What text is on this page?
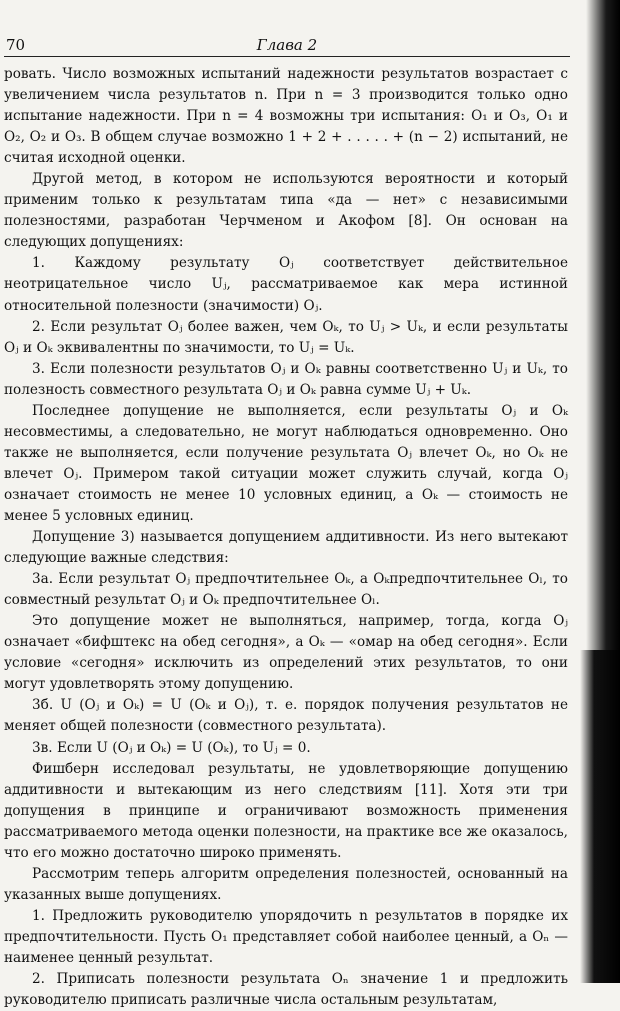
70	Глава 2

ровать. Число возможных испытаний надежности результатов возрастает с увеличением числа результатов n. При n = 3 производится только одно испытание надежности. При n = 4 возможны три испытания: O₁ и O₃, O₁ и O₂, O₂ и O₃. В общем случае возможно 1 + 2 + . . . . . + (n − 2) испытаний, не считая исходной оценки.

Другой метод, в котором не используются вероятности и который применим только к результатам типа «да — нет» с независимыми полезностями, разработан Черчменом и Акофом [8]. Он основан на следующих допущениях:

1. Каждому результату Oⱼ соответствует действительное неотрицательное число Uⱼ, рассматриваемое как мера истинной относительной полезности (значимости) Oⱼ.

2. Если результат Oⱼ более важен, чем Oₖ, то Uⱼ > Uₖ, и если результаты Oⱼ и Oₖ эквивалентны по значимости, то Uⱼ = Uₖ.

3. Если полезности результатов Oⱼ и Oₖ равны соответственно Uⱼ и Uₖ, то полезность совместного результата Oⱼ и Oₖ равна сумме Uⱼ + Uₖ.

Последнее допущение не выполняется, если результаты Oⱼ и Oₖ несовместимы, а следовательно, не могут наблюдаться одновременно. Оно также не выполняется, если получение результата Oⱼ влечет Oₖ, но Oₖ не влечет Oⱼ. Примером такой ситуации может служить случай, когда Oⱼ означает стоимость не менее 10 условных единиц, а Oₖ — стоимость не менее 5 условных единиц.

Допущение 3) называется допущением аддитивности. Из него вытекают следующие важные следствия:

3а. Если результат Oⱼ предпочтительнее Oₖ, а Oₖпредпочтительнее Oₗ, то совместный результат Oⱼ и Oₖ предпочтительнее Oₗ.

Это допущение может не выполняться, например, тогда, когда Oⱼ означает «бифштекс на обед сегодня», а Oₖ — «омар на обед сегодня». Если условие «сегодня» исключить из определений этих результатов, то они могут удовлетворять этому допущению.

3б. U (Oⱼ и Oₖ) = U (Oₖ и Oⱼ), т. е. порядок получения результатов не меняет общей полезности (совместного результата).

3в. Если U (Oⱼ и Oₖ) = U (Oₖ), то Uⱼ = 0.

Фишберн исследовал результаты, не удовлетворяющие допущению аддитивности и вытекающим из него следствиям [11]. Хотя эти три допущения в принципе и ограничивают возможность применения рассматриваемого метода оценки полезности, на практике все же оказалось, что его можно достаточно широко применять.

Рассмотрим теперь алгоритм определения полезностей, основанный на указанных выше допущениях.

1. Предложить руководителю упорядочить n результатов в порядке их предпочтительности. Пусть O₁ представляет собой наиболее ценный, а Oₙ — наименее ценный результат.

2. Приписать полезности результата Oₙ значение 1 и предложить руководителю приписать различные числа остальным результатам,
